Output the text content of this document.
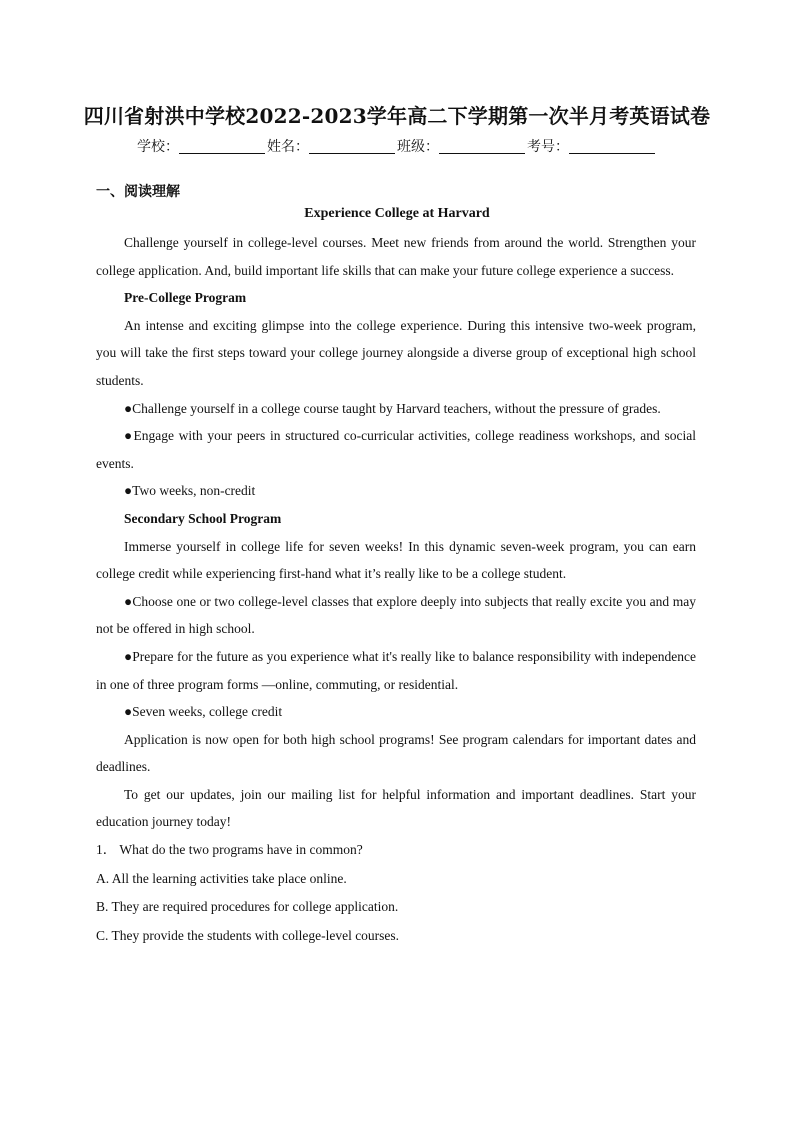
四川省射洪中学校2022-2023学年高二下学期第一次半月考英语试卷
学校：	姓名：	班级：	考号：
一、阅读理解
Experience College at Harvard

Challenge yourself in college-level courses. Meet new friends from around the world. Strengthen your college application. And, build important life skills that can make your future college experience a success.

Pre-College Program

An intense and exciting glimpse into the college experience. During this intensive two-week program, you will take the first steps toward your college journey alongside a diverse group of exceptional high school students.

●Challenge yourself in a college course taught by Harvard teachers, without the pressure of grades.

●Engage with your peers in structured co-curricular activities, college readiness workshops, and social events.

●Two weeks, non-credit

Secondary School Program

Immerse yourself in college life for seven weeks! In this dynamic seven-week program, you can earn college credit while experiencing first-hand what it’s really like to be a college student.

●Choose one or two college-level classes that explore deeply into subjects that really excite you and may not be offered in high school.

●Prepare for the future as you experience what it's really like to balance responsibility with independence in one of three program forms —online, commuting, or residential.

●Seven weeks, college credit

Application is now open for both high school programs! See program calendars for important dates and deadlines.

To get our updates, join our mailing list for helpful information and important deadlines. Start your education journey today!

1． What do the two programs have in common?

A. All the learning activities take place online.

B. They are required procedures for college application.

C. They provide the students with college-level courses.
